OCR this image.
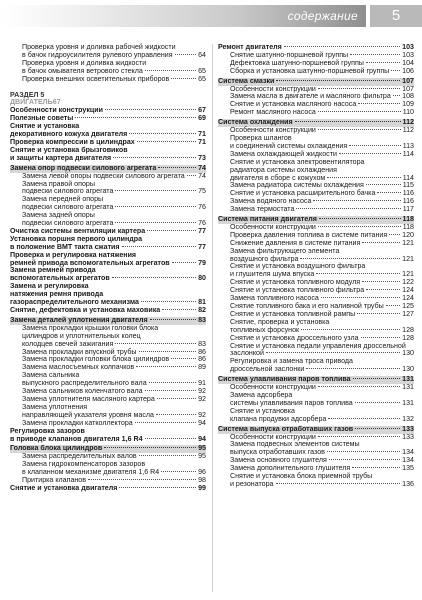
содержание	5
Проверка уровня и доливка рабочей жидкости
в бачок гидроусилителя рулевого управления	64
Проверка уровня и доливка жидкости
в бачок омывателя ветрового стекла	65
Проверка внешних осветительных приборов	65
РАЗДЕЛ 5
ДВИГАТЕЛЬ 67
Особенности конструкции	67
Полезные советы	69
Снятие и установка
декоративного кожуха двигателя	71
Проверка компрессии в цилиндрах	71
Снятие и установка брызговиков
и защиты картера двигателя	73
Замена опор подвески силового агрегата	74
Замена левой опоры подвески силового агрегата 74
Замена правой опоры
подвески силового агрегата	75
Замена передней опоры
подвески силового агрегата	76
Замена задней опоры
подвески силового агрегата	76
Очистка системы вентиляции картера	77
Установка поршня первого цилиндра
в положение ВМТ такта сжатия	77
Проверка и регулировка натяжения
ремней привода вспомогательных агрегатов	79
Замена ремней привода
вспомогательных агрегатов	80
Замена и регулировка
натяжения ремня привода
газораспределительного механизма	81
Снятие, дефектовка и установка маховика	82
Замена деталей уплотнения двигателя	83
Замена прокладки крышки головки блока
цилиндров и уплотнительных колец
колодцев свечей зажигания	83
Замена прокладки впускной трубы	86
Замена прокладки головки блока цилиндров	86
Замена маслосъемных колпачков	89
Замена сальника
выпускного распределительного вала	91
Замена сальников коленчатого вала	92
Замена уплотнителя масляного картера	92
Замена уплотнения
направляющей указателя уровня масла	92
Замена прокладки катколлектора	94
Регулировка зазоров
в приводе клапанов двигателя 1,6 R4	94
Головка блока цилиндров	95
Замена распределительных валов	95
Замена гидрокомпенсаторов зазоров
в клапанном механизме двигателя 1,6 R4	96
Притирка клапанов	98
Снятие и установка двигателя	99
Ремонт двигателя	103
Снятие шатунно-поршневой группы	103
Дефектовка шатунно-поршневой группы	104
Сборка и установка шатунно-поршневой группы 106
Система смазки	107
Особенности конструкции	107
Замена масла в двигателе и масляного фильтра 108
Снятие и установка масляного насоса	109
Ремонт масляного насоса	110
Система охлаждения	112
Особенности конструкции	112
Проверка шлангов
и соединений системы охлаждения	113
Замена охлаждающей жидкости	114
Снятие и установка электровентилятора
радиатора системы охлаждения
двигателя в сборе с кожухом	114
Замена радиатора системы охлаждения	115
Снятие и установка расширительного бачка	116
Замена водяного насоса	116
Замена термостата	117
Система питания двигателя	118
Особенности конструкции	118
Проверка давления топлива в системе питания 120
Снижение давления в системе питания	121
Замена фильтрующего элемента
воздушного фильтра	121
Снятие и установка воздушного фильтра
и глушителя шума впуска	121
Снятие и установка топливного модуля	122
Снятие и установка топливного фильтра	124
Замена топливного насоса	124
Снятие топливного бака и его наливной трубы	125
Снятие и установка топливной рампы	127
Снятие, проверка и установка
топливных форсунок	128
Снятие и установка дроссельного узла	128
Снятие и установка педали управления дроссельной
заслонкой	130
Регулировка и замена троса привода
дроссельной заслонки	130
Система улавливания паров топлива	131
Особенности конструкции	131
Замена адсорбера
системы улавливания паров топлива	131
Снятие и установка
клапана продувки адсорбера	132
Система выпуска отработавших газов	133
Особенности конструкции	133
Замена подвесных элементов системы
выпуска отработавших газов	134
Замена основного глушителя	134
Замена дополнительного глушителя	135
Снятие и установка блока приемной трубы
и резонатора	136
